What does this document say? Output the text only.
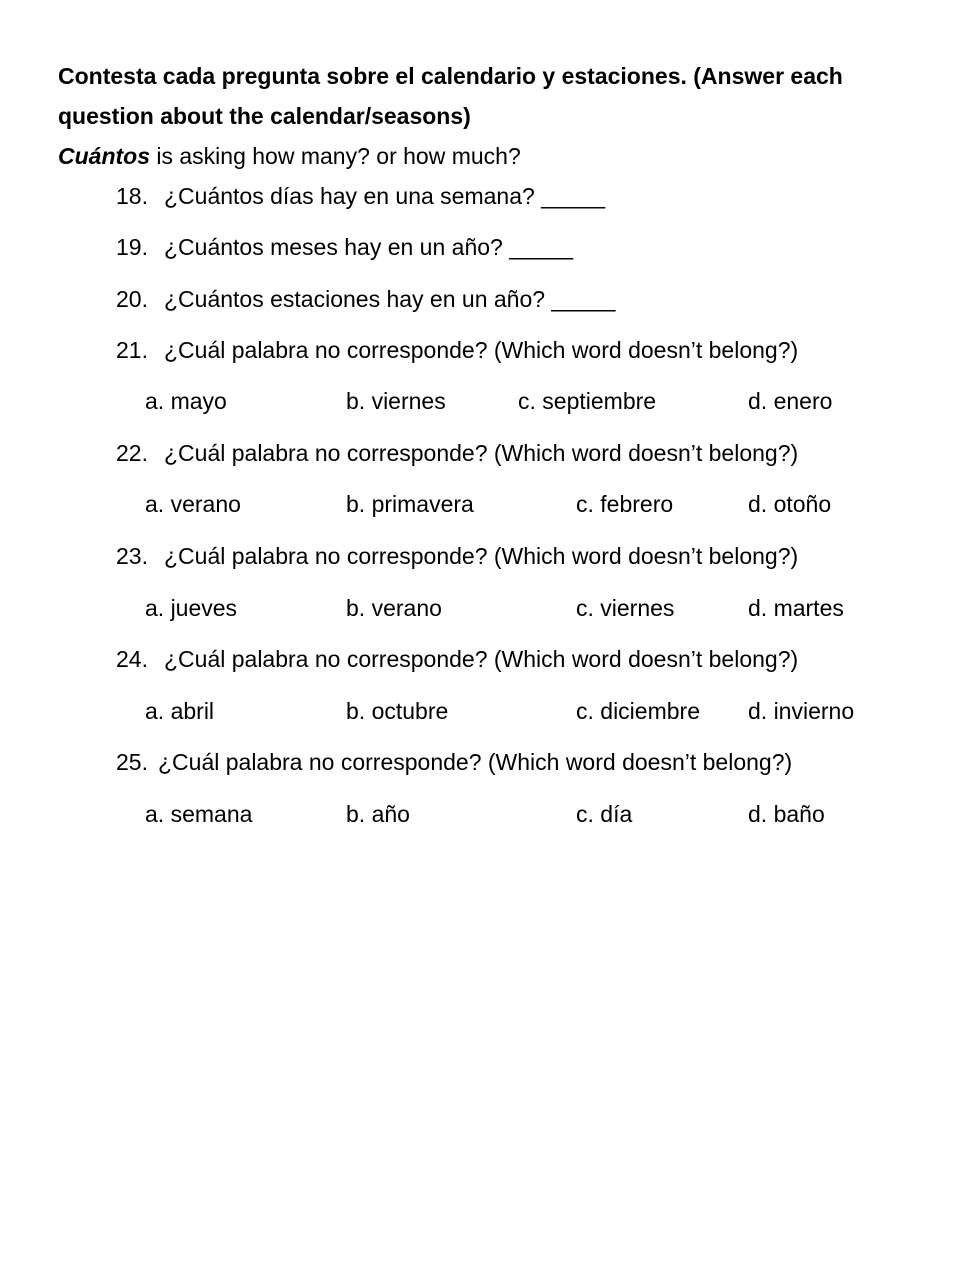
Contesta cada pregunta sobre el calendario y estaciones. (Answer each
question about the calendar/seasons)
Cuántos is asking how many? or how much?
18. ¿Cuántos días hay en una semana? _____
19. ¿Cuántos meses hay en un año? _____
20. ¿Cuántos estaciones hay en un año? _____
21. ¿Cuál palabra no corresponde? (Which word doesn’t belong?)
a. mayo	b. viernes	c. septiembre	d. enero
22. ¿Cuál palabra no corresponde? (Which word doesn’t belong?)
a. verano	b. primavera	c. febrero	d. otoño
23. ¿Cuál palabra no corresponde? (Which word doesn’t belong?)
a. jueves	b. verano	c. viernes	d. martes
24. ¿Cuál palabra no corresponde? (Which word doesn’t belong?)
a. abril	b. octubre	c. diciembre d. invierno
25. ¿Cuál palabra no corresponde? (Which word doesn’t belong?)
a. semana	b. año	c. día	d. baño
